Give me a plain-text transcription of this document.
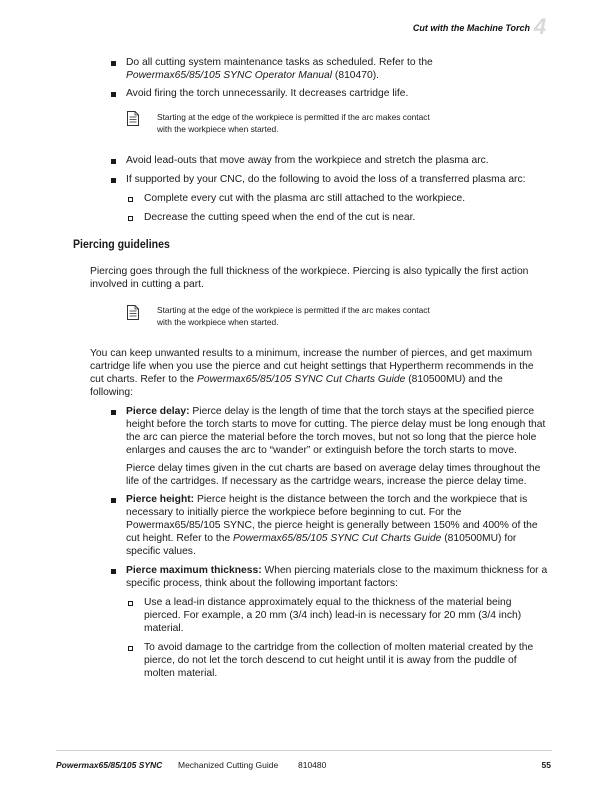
Cut with the Machine Torch 4
Do all cutting system maintenance tasks as scheduled. Refer to the
Powermax65/85/105 SYNC Operator Manual (810470).
Avoid firing the torch unnecessarily. It decreases cartridge life.
Starting at the edge of the workpiece is permitted if the arc makes contact
with the workpiece when started.
Avoid lead-outs that move away from the workpiece and stretch the plasma arc.
If supported by your CNC, do the following to avoid the loss of a transferred plasma arc:
Complete every cut with the plasma arc still attached to the workpiece.
Decrease the cutting speed when the end of the cut is near.
Piercing guidelines
Piercing goes through the full thickness of the workpiece. Piercing is also typically the first action
involved in cutting a part.
Starting at the edge of the workpiece is permitted if the arc makes contact
with the workpiece when started.
You can keep unwanted results to a minimum, increase the number of pierces, and get maximum
cartridge life when you use the pierce and cut height settings that Hypertherm recommends in the
cut charts. Refer to the Powermax65/85/105 SYNC Cut Charts Guide (810500MU) and the
following:
Pierce delay: Pierce delay is the length of time that the torch stays at the specified pierce
height before the torch starts to move for cutting. The pierce delay must be long enough that
the arc can pierce the material before the torch moves, but not so long that the pierce hole
enlarges and causes the arc to “wander” or extinguish before the torch starts to move.
Pierce delay times given in the cut charts are based on average delay times throughout the
life of the cartridges. If necessary as the cartridge wears, increase the pierce delay time.
Pierce height: Pierce height is the distance between the torch and the workpiece that is
necessary to initially pierce the workpiece before beginning to cut. For the
Powermax65/85/105 SYNC, the pierce height is generally between 150% and 400% of the
cut height. Refer to the Powermax65/85/105 SYNC Cut Charts Guide (810500MU) for
specific values.
Pierce maximum thickness: When piercing materials close to the maximum thickness for a
specific process, think about the following important factors:
Use a lead-in distance approximately equal to the thickness of the material being
pierced. For example, a 20 mm (3/4 inch) lead-in is necessary for 20 mm (3/4 inch)
material.
To avoid damage to the cartridge from the collection of molten material created by the
pierce, do not let the torch descend to cut height until it is away from the puddle of
molten material.
Powermax65/85/105 SYNC Mechanized Cutting Guide 810480	55
